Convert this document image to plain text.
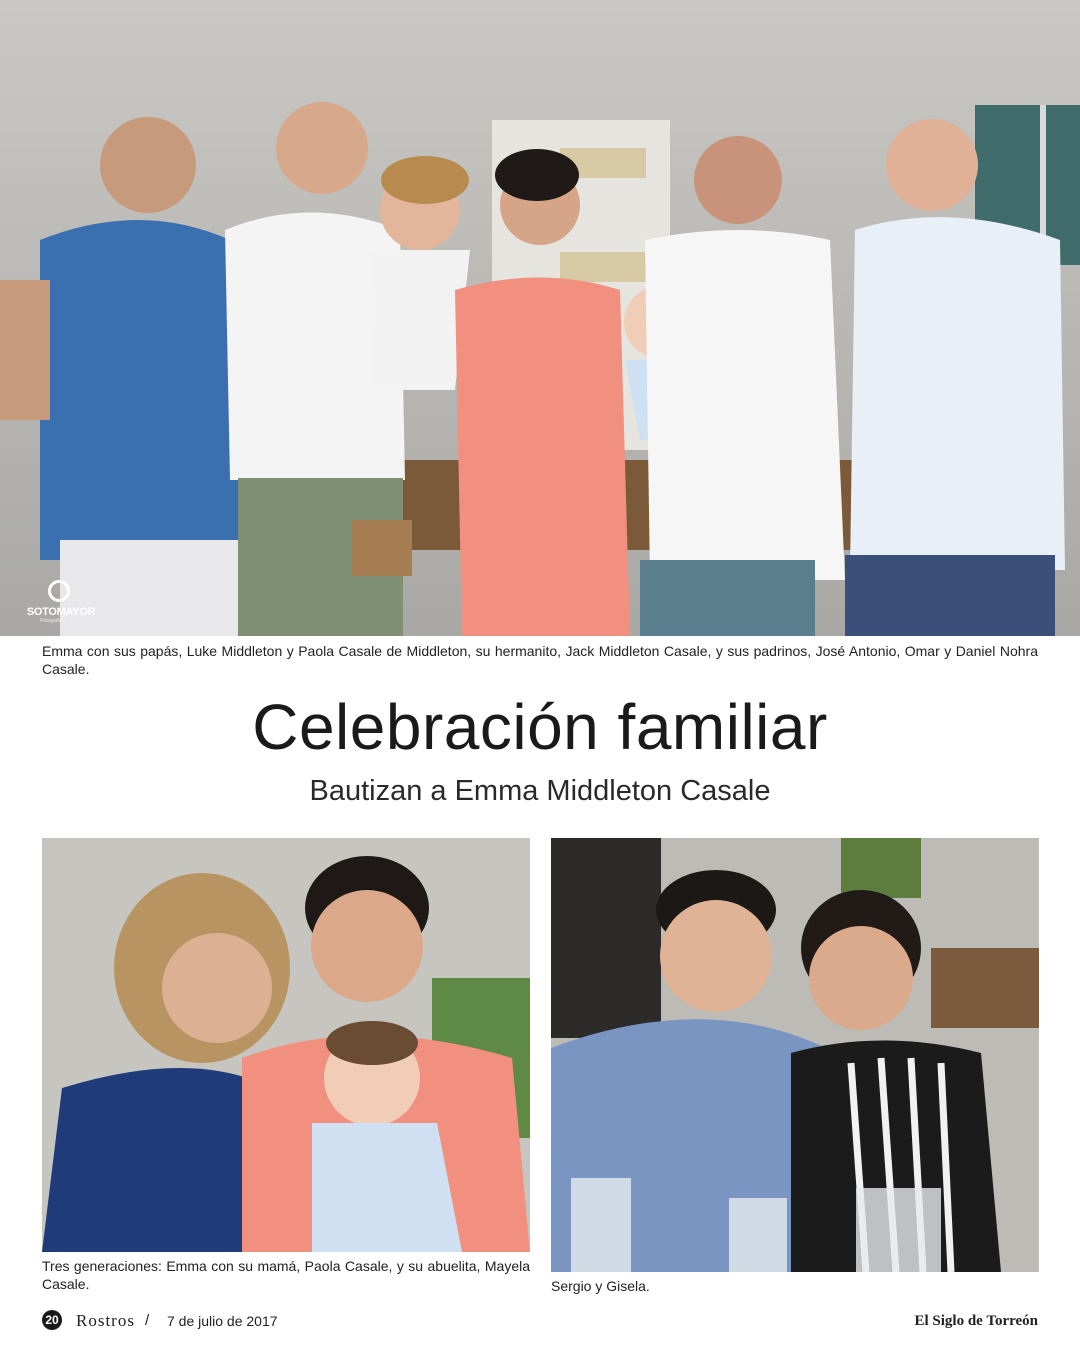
SOTOMAYOR
Fotografía & Video
Emma con sus papás, Luke Middleton y Paola Casale de Middleton, su hermanito, Jack Middleton Casale, y sus padrinos, José Antonio, Omar y Daniel Nohra Casale.
Celebración familiar
Bautizan a Emma Middleton Casale
Tres generaciones: Emma con su mamá, Paola Casale, y su abuelita, Mayela Casale.	Sergio y Gisela.
20 Rostros / 7 de julio de 2017	El Siglo de Torreón
